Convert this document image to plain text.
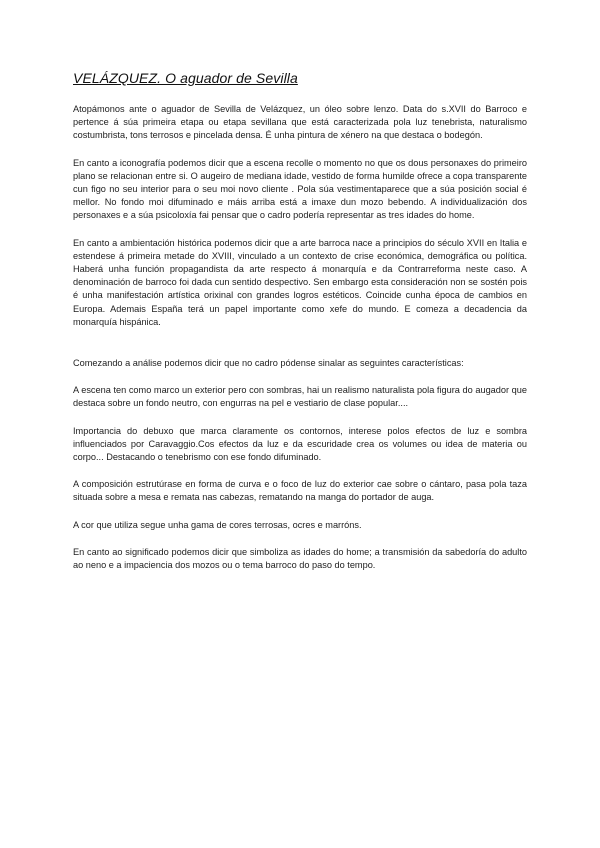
VELÁZQUEZ. O aguador de Sevilla

Atopámonos ante o aguador de Sevilla de Velázquez, un óleo sobre lenzo. Data do s.XVII do Barroco e pertence á súa primeira etapa ou etapa sevillana que está caracterizada pola luz tenebrista, naturalismo costumbrista, tons terrosos e pincelada densa. É unha pintura de xénero na que destaca o bodegón.

En canto a iconografía podemos dicir que a escena recolle o momento no que os dous personaxes do primeiro plano se relacionan entre si. O augeiro de mediana idade, vestido de forma humilde ofrece a copa transparente cun figo no seu interior para o seu moi novo cliente . Pola súa vestimentaparece que a súa posición social é mellor. No fondo moi difuminado e máis arriba está a imaxe dun mozo bebendo. A individualización dos personaxes e a súa psicoloxía fai pensar que o cadro podería representar as tres idades do home.

En canto a ambientación histórica podemos dicir que a arte barroca nace a principios do século XVII en Italia e estendese á primeira metade do XVIII, vinculado a un contexto de crise económica, demográfica ou política. Haberá unha función propagandista da arte respecto á monarquía e da Contrarreforma neste caso. A denominación de barroco foi dada cun sentido despectivo. Sen embargo esta consideración non se sostén pois é unha manifestación artística orixinal con grandes logros estéticos. Coincide cunha época de cambios en Europa. Ademais España terá un papel importante como xefe do mundo. E comeza a decadencia da monarquía hispánica.

Comezando a análise podemos dicir que no cadro pódense sinalar as seguintes características:

A escena ten como marco un exterior pero con sombras, hai un realismo naturalista pola figura do augador que destaca sobre un fondo neutro, con engurras na pel e vestiario de clase popular....

Importancia do debuxo que marca claramente os contornos, interese polos efectos de luz e sombra influenciados por Caravaggio.Cos efectos da luz e da escuridade crea os volumes ou idea de materia ou corpo... Destacando o tenebrismo con ese fondo difuminado.

A composición estrutúrase en forma de curva e o foco de luz do exterior cae sobre o cántaro, pasa pola taza situada sobre a mesa e remata nas cabezas, rematando na manga do portador de auga.

A cor que utiliza segue unha gama de cores terrosas, ocres e marróns.

En canto ao significado podemos dicir que simboliza as idades do home; a transmisión da sabedoría do adulto ao neno e a impaciencia dos mozos ou o tema barroco do paso do tempo.
